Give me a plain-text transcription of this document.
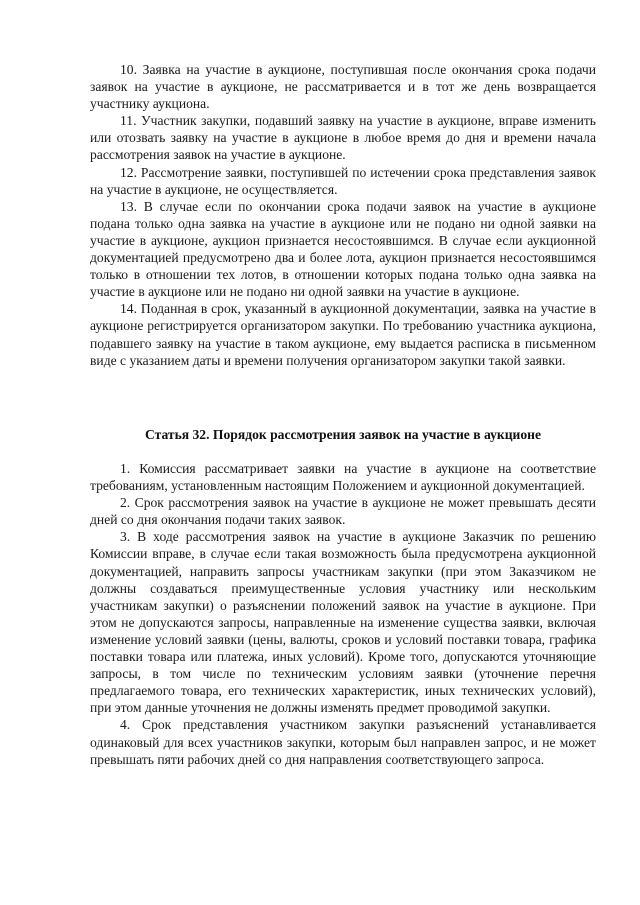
10. Заявка на участие в аукционе, поступившая после окончания срока подачи заявок на участие в аукционе, не рассматривается и в тот же день возвращается участнику аукциона.

11. Участник закупки, подавший заявку на участие в аукционе, вправе изменить или отозвать заявку на участие в аукционе в любое время до дня и времени начала рассмотрения заявок на участие в аукционе.

12. Рассмотрение заявки, поступившей по истечении срока представления заявок на участие в аукционе, не осуществляется.

13. В случае если по окончании срока подачи заявок на участие в аукционе подана только одна заявка на участие в аукционе или не подано ни одной заявки на участие в аукционе, аукцион признается несостоявшимся. В случае если аукционной документацией предусмотрено два и более лота, аукцион признается несостоявшимся только в отношении тех лотов, в отношении которых подана только одна заявка на участие в аукционе или не подано ни одной заявки на участие в аукционе.

14. Поданная в срок, указанный в аукционной документации, заявка на участие в аукционе регистрируется организатором закупки. По требованию участника аукциона, подавшего заявку на участие в таком аукционе, ему выдается расписка в письменном виде с указанием даты и времени получения организатором закупки такой заявки.

Статья 32. Порядок рассмотрения заявок на участие в аукционе

1. Комиссия рассматривает заявки на участие в аукционе на соответствие требованиям, установленным настоящим Положением и аукционной документацией.

2. Срок рассмотрения заявок на участие в аукционе не может превышать десяти дней со дня окончания подачи таких заявок.

3. В ходе рассмотрения заявок на участие в аукционе Заказчик по решению Комиссии вправе, в случае если такая возможность была предусмотрена аукционной документацией, направить запросы участникам закупки (при этом Заказчиком не должны создаваться преимущественные условия участнику или нескольким участникам закупки) о разъяснении положений заявок на участие в аукционе. При этом не допускаются запросы, направленные на изменение существа заявки, включая изменение условий заявки (цены, валюты, сроков и условий поставки товара, графика поставки товара или платежа, иных условий). Кроме того, допускаются уточняющие запросы, в том числе по техническим условиям заявки (уточнение перечня предлагаемого товара, его технических характеристик, иных технических условий), при этом данные уточнения не должны изменять предмет проводимой закупки.

4. Срок представления участником закупки разъяснений устанавливается одинаковый для всех участников закупки, которым был направлен запрос, и не может превышать пяти рабочих дней со дня направления соответствующего запроса.
